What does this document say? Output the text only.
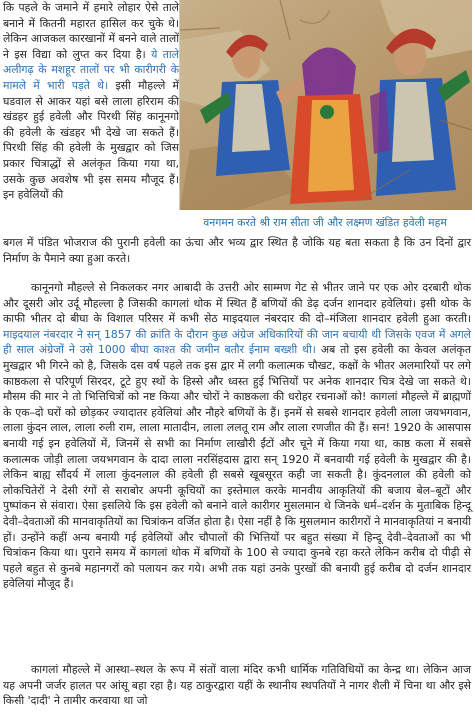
कि पहले के जमाने में हमारे लोहार ऐसे ताले बनाने में कितनी महारत हासिल कर चुके थे। लेकिन आजकल कारखानों में बनने वाले तालों ने इस विद्या को लुप्त कर दिया है। ये ताले अलीगढ़ के मशहूर तालों पर भी कारीगरी के मामले में भारी पड़ते थे। इसी मौहल्ले में घडवाल से आकर यहां बसे लाला हरिराम की खंडहर हुई हवेली और पिरथी सिंह कानूनगो की हवेली के खंडहर भी देखे जा सकते हैं। पिरथी सिंह की हवेली के मुखद्वार को जिस प्रकार चित्राद्धों से अलंकृत किया गया था, उसके कुछ अवशेष भी इस समय मौजूद हैं। इन हवेलियों की

वनगमन करते श्री राम सीता जी और लक्ष्मण खंडित हवेली महम

बगल में पंडित भोजराज की पुरानी हवेली का ऊंचा और भव्य द्वार स्थित है जोकि यह बता सकता है कि उन दिनों द्वार निर्माण के पैमाने क्या हुआ करते।

कानूनगो मौहल्ले से निकलकर नगर आबादी के उत्तरी ओर साम्मण गेट से भीतर जाने पर एक ओर दरबारी थोक और दूसरी ओर उर्दू मौहल्ला है जिसकी कागलां थोक में स्थित हैं बणियों की डेढ़ दर्जन शानदार हवेलियां। इसी थोक के काफी भीतर दो बीघा के विशाल परिसर में कभी सेठ माइदयाल नंबरदार की दो–मंजिला शानदार हवेली हुआ करती। माइदयाल नंबरदार ने सन् 1857 की क्रांति के दौरान कुछ अंग्रेज अधिकारियों की जान बचायी थी जिसके एवज में अगले ही साल अंग्रेजों ने उसे 1000 बीघा काश्त की जमीन बतौर ईनाम बख्शी थी। अब तो इस हवेली का केवल अलंकृत मुखद्वार भी गिरने को है, जिसके दस वर्ष पहले तक इस द्वार में लगी कलात्मक चौखट, कक्षों के भीतर अलमारियों पर लगे काष्ठकला से परिपूर्ण सिरदर, टूटे हुए स्थों के हिस्से और ध्वस्त हुई भित्तियों पर अनेक शानदार चित्र देखे जा सकते थे। मौसम की मार ने तो भित्तिचित्रों को नष्ट किया और चोरों ने काष्ठकला की धरोहर रचनाओं को! कागलां मौहल्ले में ब्राह्मणों के एक–दो घरों को छोड़कर ज्यादातर हवेलियां और नौहरे बणियों के हैं। इनमें से सबसे शानदार हवेली लाला जयभगवान, लाला कुंदन लाल, लाला रुली राम, लाला मातादीन, लाला ललतू राम और लाला रणजीत की हैं। सन! 1920 के आसपास बनायी गई इन हवेलियों में, जिनमें से सभी का निर्माण लाखौरी ईंटों और चूने में किया गया था, काष्ठ कला में सबसे कलात्मक जोड़ी लाला जयभगवान के दादा लाला नरसिंहदास द्वारा सन् 1920 में बनवायी गई हवेली के मुखद्वार की है। लेकिन बाह्य सौंदर्य में लाला कुंदनलाल की हवेली ही सबसे खूबसूरत कही जा सकती है। कुंदनलाल की हवेली को लोकचितेरों ने देसी रंगों से सराबोर अपनी कूचियों का इस्तेमाल करके मानवीय आकृतियों की बजाय बेल–बूटों और पुष्पांकन से संवारा। ऐसा इसलिये कि इस हवेली को बनाने वाले कारीगर मुसलमान थे जिनके धर्म–दर्शन के मुताबिक हिन्दू देवी–देवताओं की मानवाकृतियों का चित्रांकन वर्जित होता है। ऐसा नहीं है कि मुसलमान कारीगरों ने मानवाकृतियां न बनायी हों। उन्होंने कहीं अन्य बनायी गई हवेलियों और चौपालों की भित्तियों पर बहुत संख्या में हिन्दू देवी–देवताओं का भी चित्रांकन किया था। पुराने समय में कागलां थोक में बणियों के 100 से ज्यादा कुनबे रहा करते लेकिन करीब दो पीढ़ी से पहले बहुत से कुनबे महानगरों को पलायन कर गये। अभी तक यहां उनके पुरखों की बनायी हुई करीब दो दर्जन शानदार हवेलियां मौजूद हैं।

कागलां मौहल्ले में आस्था–स्थल के रूप में संतों वाला मंदिर कभी धार्मिक गतिविधियों का केन्द्र था। लेकिन आज यह अपनी जर्जर हालत पर आंसू बहा रहा है। यह ठाकुरद्वारा यहीं के स्थानीय स्थपतियों ने नागर शैली में चिना था और इसे किसी 'दादी' ने तामीर करवाया था जो
